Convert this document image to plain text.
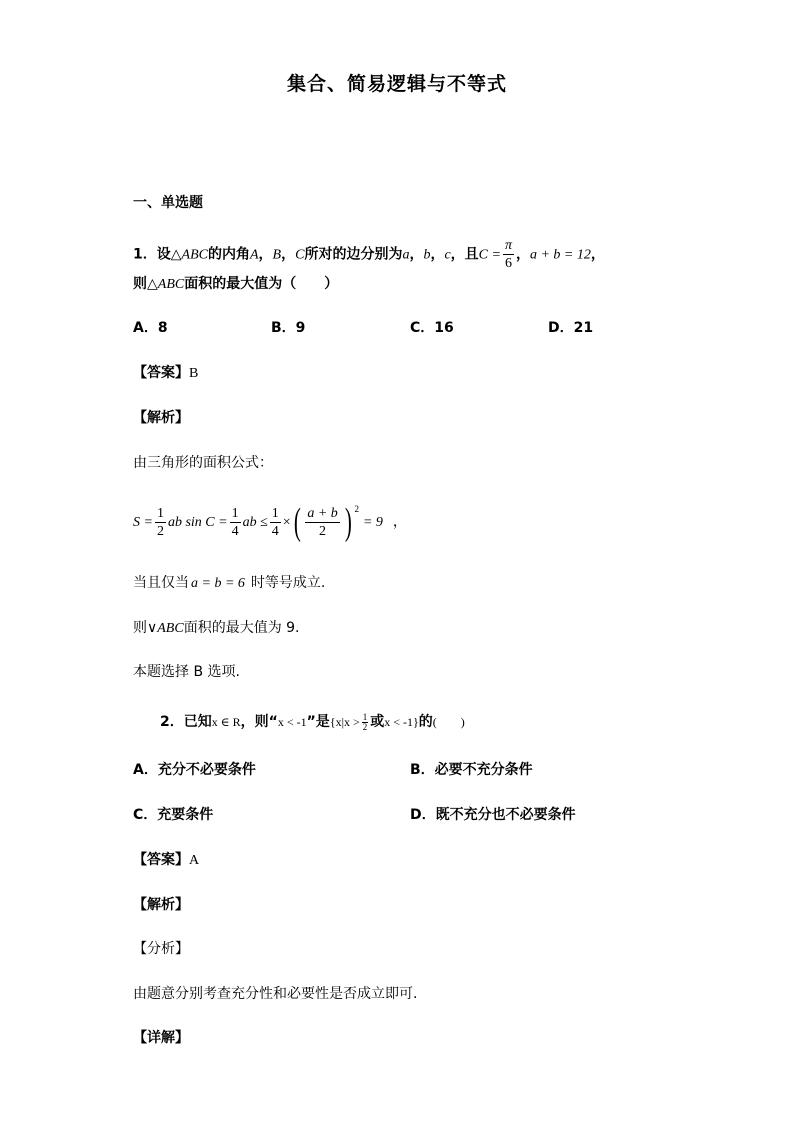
集合、简易逻辑与不等式
一、单选题
1．设△ABC的内角A，B，C所对的边分别为a，b，c，且$C = \frac{\pi}{6}$ ，a + b = 12，
则△ABC面积的最大值为（　　）
A．8	B．9	C．16	D．21
【答案】B
【解析】
由三角形的面积公式：
$S = \frac{1}{2}$ ab $\sin C = \frac{1}{4}$ ab ≤ $\frac{1}{4}$ ×( $\frac{a + b}{2}$ ) $^2$= 9 ，
当且仅当 a = b = 6 时等号成立.
则∨ABC面积的最大值为 9.
本题选择 B 选项.
2．已知x ∈ R，则“x < -1”是{$x|x > \frac{1}{2}$ 或x < -1}的(　　)
A．充分不必要条件	B．必要不充分条件
C．充要条件	D．既不充分也不必要条件
【答案】A
【解析】
【分析】
由题意分别考查充分性和必要性是否成立即可.
【详解】
